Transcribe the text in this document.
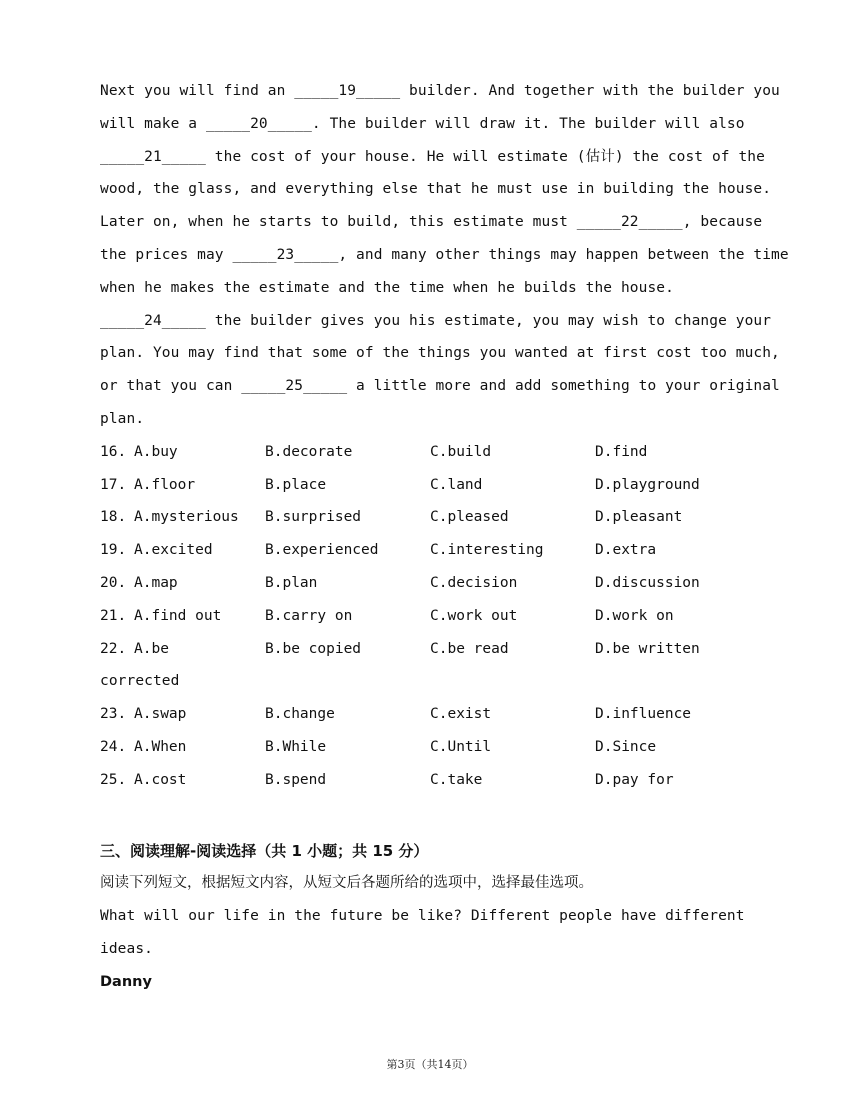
Next you will find an _____19_____ builder. And together with the builder you
will make a _____20_____. The builder will draw it. The builder will also
_____21_____ the cost of your house. He will estimate (估计) the cost of the
wood, the glass, and everything else that he must use in building the house.
Later on, when he starts to build, this estimate must _____22_____, because
the prices may _____23_____, and many other things may happen between the time
when he makes the estimate and the time when he builds the house.
_____24_____ the builder gives you his estimate, you may wish to change your
plan. You may find that some of the things you wanted at first cost too much,
or that you can _____25_____ a little more and add something to your original
plan.
16. A.buy	B.decorate	C.build	D.find
17. A.floor	B.place	C.land	D.playground
18. A.mysterious	B.surprised	C.pleased	D.pleasant
19. A.excited	B.experienced	C.interesting	D.extra
20. A.map	B.plan	C.decision	D.discussion
21. A.find out	B.carry on	C.work out	D.work on
22. A.be	B.be copied	C.be read	D.be written
corrected
23. A.swap	B.change	C.exist	D.influence
24. A.When	B.While	C.Until	D.Since
25. A.cost	B.spend	C.take	D.pay for
三、阅读理解-阅读选择（共 1 小题；共 15 分）
阅读下列短文，根据短文内容，从短文后各题所给的选项中，选择最佳选项。
What will our life in the future be like? Different people have different
ideas.
Danny
第3页（共14页）
